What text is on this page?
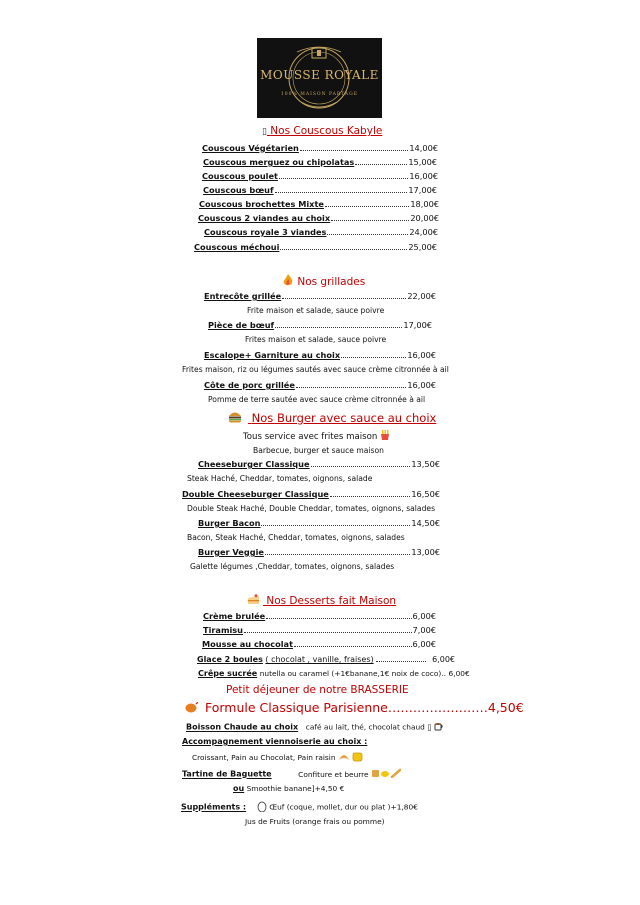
MOUSSE ROYALE
100% MAISON PARTAGE
▯ Nos Couscous Kabyle
Couscous Végétarien	14,00€
Couscous merguez ou chipolatas	15,00€
Couscous poulet	16,00€
Couscous bœuf	17,00€
Couscous brochettes Mixte	18,00€
Couscous 2 viandes au choix	20,00€
Couscous royale 3 viandes	24,00€
Couscous méchoui	25,00€
Nos grillades
Entrecôte grillée	22,00€
Frite maison et salade, sauce poivre
Pièce de bœuf	17,00€
Frites maison et salade, sauce poivre
Escalope+ Garniture au choix	16,00€
Frites maison, riz ou légumes sautés avec sauce crème citronnée à ail
Côte de porc grillée	16,00€
Pomme de terre sautée avec sauce crème citronnée à ail
Nos Burger avec sauce au choix
Tous service avec frites maison
Barbecue, burger et sauce maison
Cheeseburger Classique	13,50€
Steak Haché, Cheddar, tomates, oignons, salade
Double Cheeseburger Classique	16,50€
Double Steak Haché, Double Cheddar, tomates, oignons, salades
Burger Bacon	14,50€
Bacon, Steak Haché, Cheddar, tomates, oignons, salades
Burger Veggie	13,00€
Galette légumes ,Cheddar, tomates, oignons, salades
Nos Desserts fait Maison
Crème brulée	6,00€
Tiramisu	7,00€
Mousse au chocolat	6,00€
Glace 2 boules
( chocolat , vanille, fraises)	6,00€
Crêpe sucrée nutella ou caramel (+1€banane,1€ noix de coco).. 6,00€
Petit déjeuner de notre BRASSERIE
Formule Classique Parisienne……………………4,50€
Boisson Chaude au choix café au lait, thé, chocolat chaud ▯
Accompagnement viennoiserie au choix :
Croissant, Pain au Chocolat, Pain raisin
Tartine de Baguette	Confiture et beurre
ou Smoothie banane]+4,50 €
Suppléments :	Œuf (coque, mollet, dur ou plat )+1,80€
Jus de Fruits (orange frais ou pomme)
